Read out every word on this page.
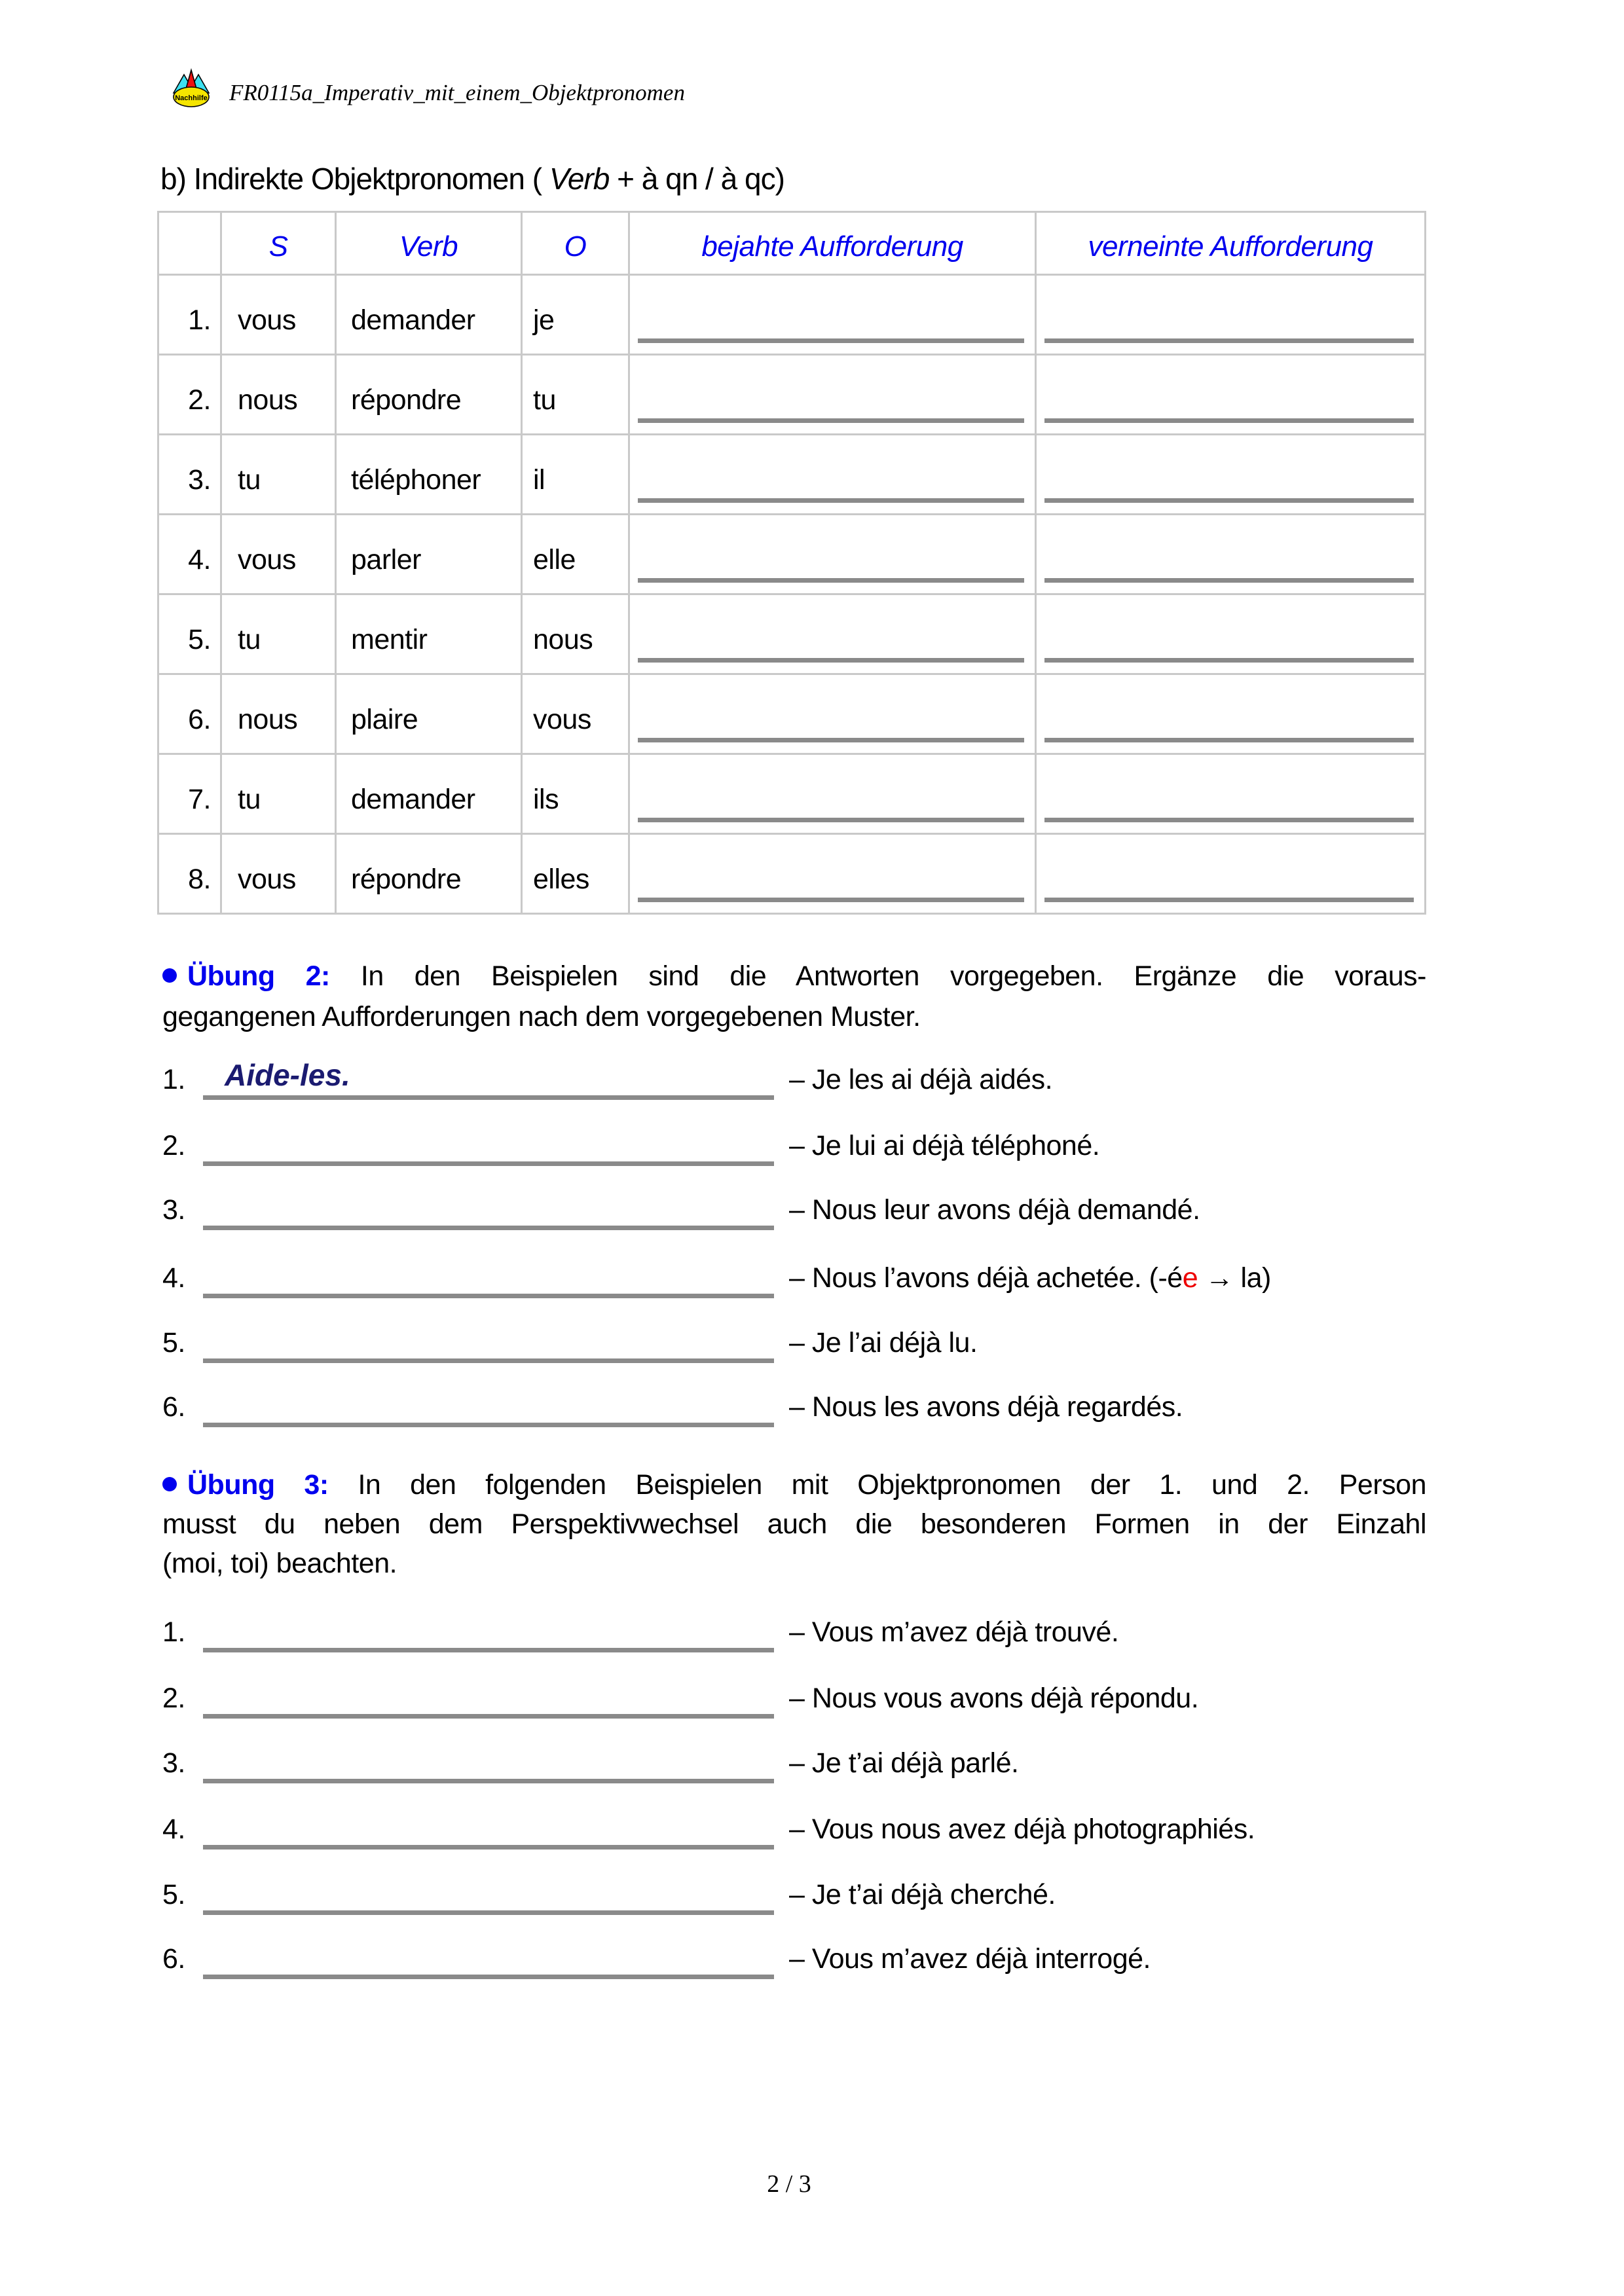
Nachhilfe FR0115a_Imperativ_mit_einem_Objektpronomen
b) Indirekte Objektpronomen ( Verb + à qn / à qc)
	S	Verb	O	bejahte Aufforderung	verneinte Aufforderung
1.	vous	demander	je	

2.	nous	répondre	tu	

3.	tu	téléphoner	il	

4.	vous	parler	elle	

5.	tu	mentir	nous	

6.	nous	plaire	vous	

7.	tu	demander	ils	

8.	vous	répondre	elles	

Übung 2: In den Beispielen sind die Antworten vorgegeben. Ergänze die voraus-
gegangenen Aufforderungen nach dem vorgegebenen Muster.
1. Aide-les.	– Je les ai déjà aidés.
2.	– Je lui ai déjà téléphoné.
3.	– Nous leur avons déjà demandé.
4.	– Nous l’avons déjà achetée. (-ée → la)
5.	– Je l’ai déjà lu.
6.	– Nous les avons déjà regardés.
Übung 3: In den folgenden Beispielen mit Objektpronomen der 1. und 2. Person
musst du neben dem Perspektivwechsel auch die besonderen Formen in der Einzahl
(moi, toi) beachten.
1.	– Vous m’avez déjà trouvé.
2.	– Nous vous avons déjà répondu.
3.	– Je t’ai déjà parlé.
4.	– Vous nous avez déjà photographiés.
5.	– Je t’ai déjà cherché.
6.	– Vous m’avez déjà interrogé.
2 / 3
